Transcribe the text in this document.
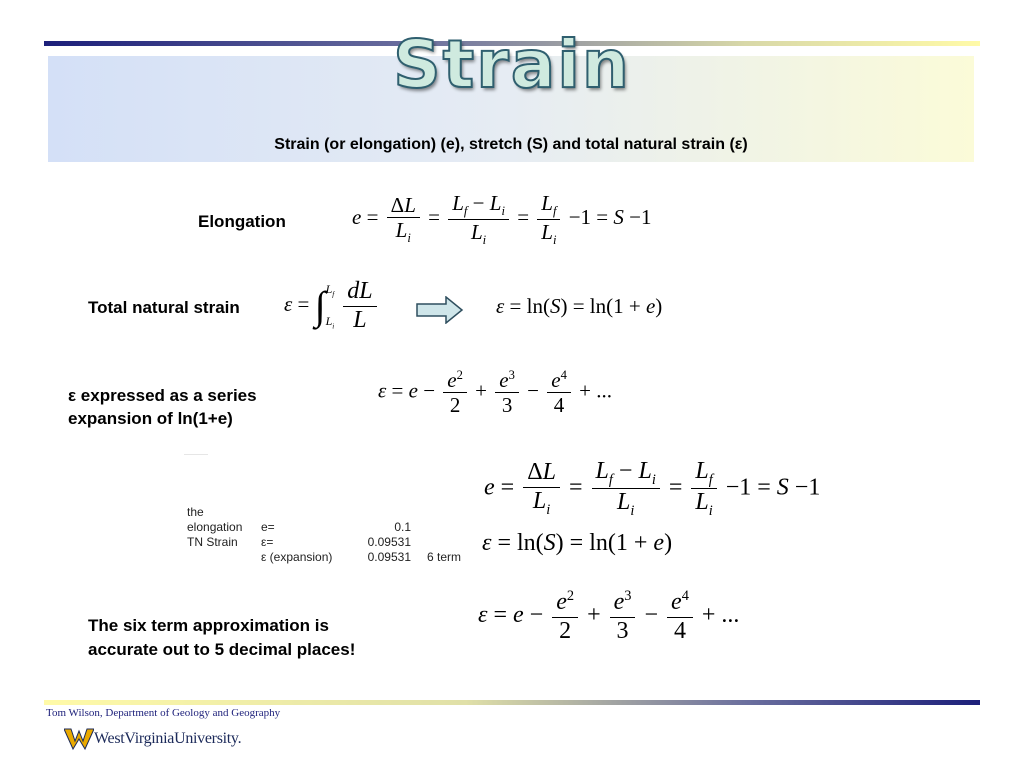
Strain
Strain (or elongation) (e), stretch (S) and total natural strain (ε)
Elongation	$e = \frac{\Delta L}{L_i} = \frac{L_f - L_i}{L_i} = \frac{L_f}{L_i} -1 = S -1$
Total natural strain ε = ∫ $L_f$
$L_i \frac{dL}{L}$	ε = ln(S) = ln(1 + e)
ε expressed as a series
expansion of ln(1+e)
$\varepsilon = e - \frac{e^2}{2} + \frac{e^3}{3} - \frac{e^4}{4}$ + ...
the			
elongation	e=	0.1	
TN Strain	ε=	0.09531	
	ε (expansion)	0.09531	6 term
$e = \frac{\Delta L}{L_i} = \frac{L_f - L_i}{L_i} = \frac{L_f}{L_i} -1 = S -1$
ε = ln(S) = ln(1 + e)
$\varepsilon = e - \frac{e^2}{2} + \frac{e^3}{3} - \frac{e^4}{4}$ + ...
The six term approximation is
accurate out to 5 decimal places!
Tom Wilson, Department of Geology and Geography
WestVirginiaUniversity.
